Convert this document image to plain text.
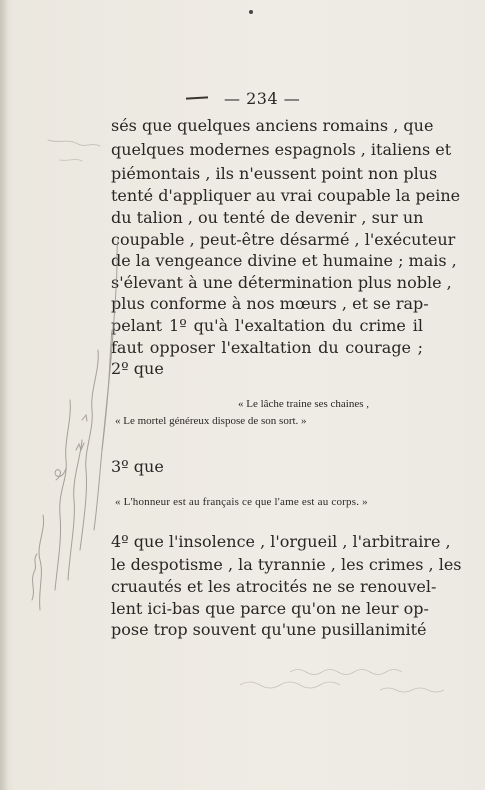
— 234 —
sés que quelques anciens romains , que
quelques modernes espagnols , italiens et
piémontais , ils n'eussent point non plus
tenté d'appliquer au vrai coupable la peine
du talion , ou tenté de devenir , sur un
coupable , peut-être désarmé , l'exécuteur
de la vengeance divine et humaine ; mais ,
s'élevant à une détermination plus noble ,
plus conforme à nos mœurs , et se rap-
pelant 1º qu'à l'exaltation du crime il
faut opposer l'exaltation du courage ;
2º que
« Le lâche traine ses chaines ,
« Le mortel généreux dispose de son sort. »
3º que
« L'honneur est au français ce que l'ame est au corps. »
4º que l'insolence , l'orgueil , l'arbitraire ,
le despotisme , la tyrannie , les crimes , les
cruautés et les atrocités ne se renouvel-
lent ici-bas que parce qu'on ne leur op-
pose trop souvent qu'une pusillanimité
